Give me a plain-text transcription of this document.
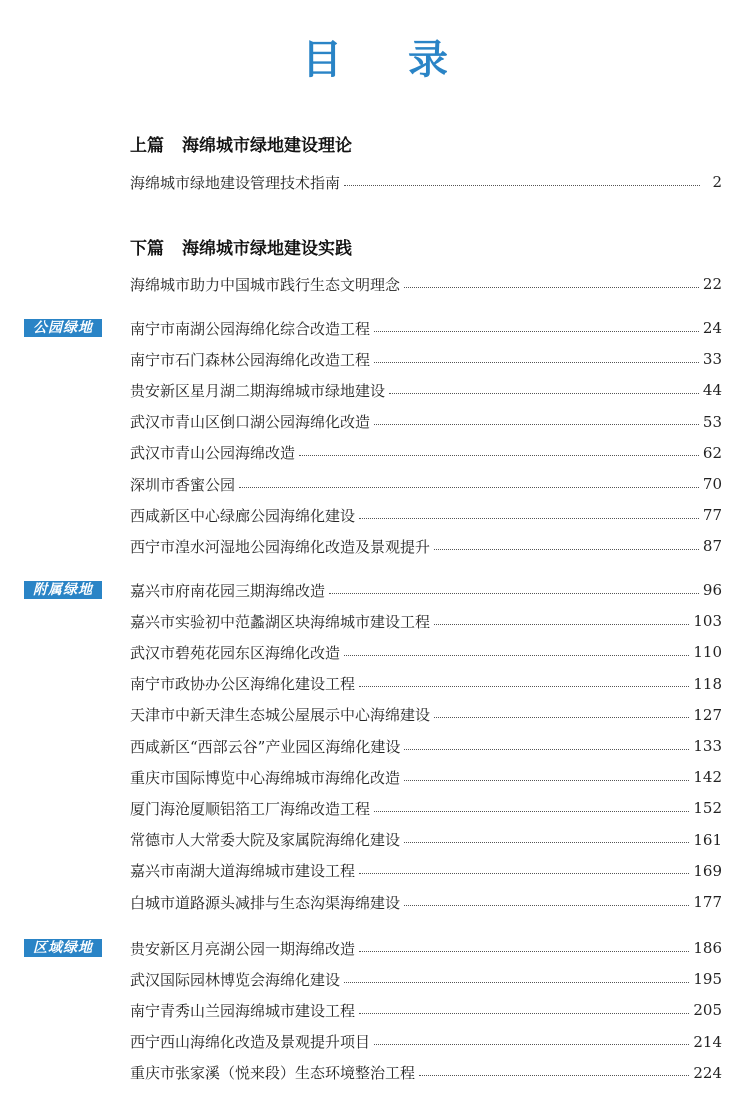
目 录
上篇 海绵城市绿地建设理论
海绵城市绿地建设管理技术指南	2
下篇 海绵城市绿地建设实践
海绵城市助力中国城市践行生态文明理念	22
公园绿地	南宁市南湖公园海绵化综合改造工程	24
南宁市石门森林公园海绵化改造工程	33
贵安新区星月湖二期海绵城市绿地建设	44
武汉市青山区倒口湖公园海绵化改造	53
武汉市青山公园海绵改造	62
深圳市香蜜公园	70
西咸新区中心绿廊公园海绵化建设	77
西宁市湟水河湿地公园海绵化改造及景观提升	87
附属绿地	嘉兴市府南花园三期海绵改造	96
嘉兴市实验初中范蠡湖区块海绵城市建设工程	103
武汉市碧苑花园东区海绵化改造	110
南宁市政协办公区海绵化建设工程	118
天津市中新天津生态城公屋展示中心海绵建设	127
西咸新区“西部云谷”产业园区海绵化建设	133
重庆市国际博览中心海绵城市海绵化改造	142
厦门海沧厦顺铝箔工厂海绵改造工程	152
常德市人大常委大院及家属院海绵化建设	161
嘉兴市南湖大道海绵城市建设工程	169
白城市道路源头减排与生态沟渠海绵建设	177
区域绿地	贵安新区月亮湖公园一期海绵改造	186
武汉国际园林博览会海绵化建设	195
南宁青秀山兰园海绵城市建设工程	205
西宁西山海绵化改造及景观提升项目	214
重庆市张家溪（悦来段）生态环境整治工程	224
